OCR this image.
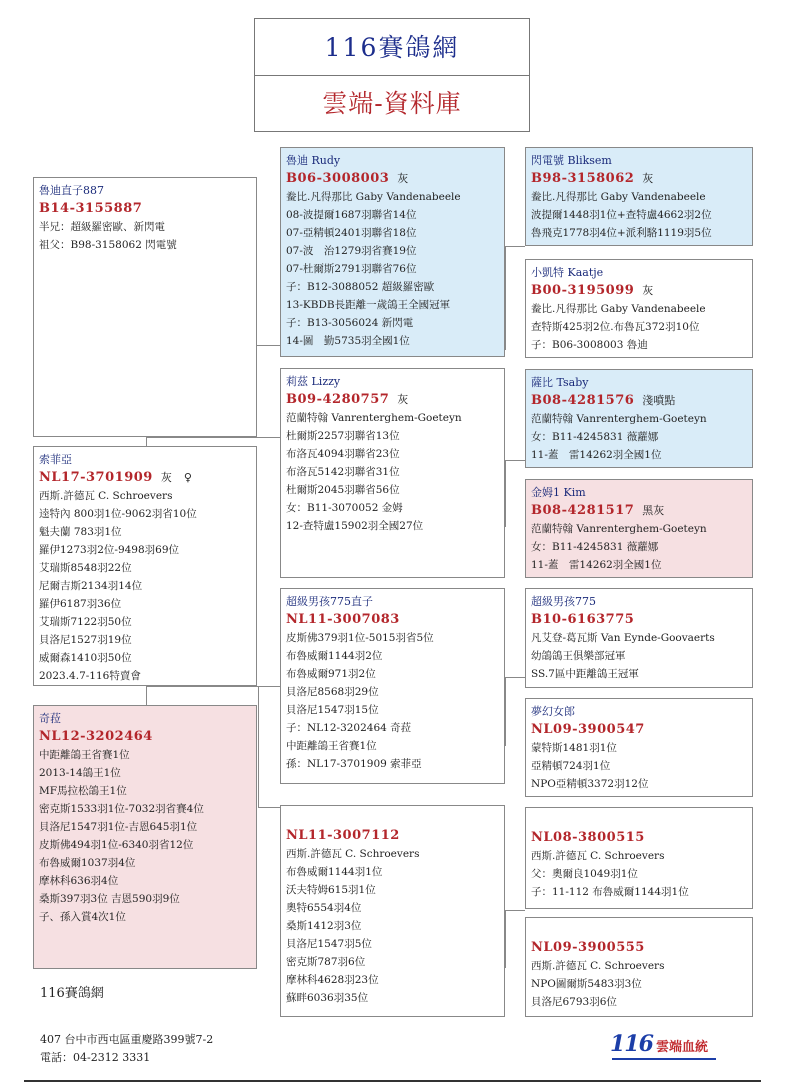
116賽鴿網
雲端-資料庫
魯迪直子887
B14-3155887
半兄：超級羅密歐、新閃電
祖父：B98-3158062 閃電號
索菲亞
NL17-3701909 灰 ♀
西斯.許德瓦 C. Schroevers
逵特內 800羽1位-9062羽省10位
魁夫蘭 783羽1位
羅伊1273羽2位-9498羽69位
艾瑞斯8548羽22位
尼爾吉斯2134羽14位
羅伊6187羽36位
艾瑞斯7122羽50位
貝洛尼1527羽19位
威爾森1410羽50位
2023.4.7-116特賣會
奇菈
NL12-3202464
中距離鴿王省賽1位
2013-14鴿王1位
MF馬拉松鴿王1位
密克斯1533羽1位-7032羽省賽4位
貝洛尼1547羽1位-吉恩645羽1位
皮斯佛494羽1位-6340羽省12位
布魯威爾1037羽4位
摩林科636羽4位
桑斯397羽3位 吉恩590羽9位
子、孫入賞4次1位
魯迪 Rudy
B06-3008003 灰
鲞比.凡得那比 Gaby Vandenabeele
08-波提爾1687羽聯省14位
07-亞精頓2401羽聯省18位
07-波　治1279羽省賽19位
07-杜爾斯2791羽聯省76位
子：B12-3088052 超級羅密歐
13-KBDB長距離一歲鴿王全國冠軍
子：B13-3056024 新閃電
14-圖　勤5735羽全國1位
莉茲 Lizzy
B09-4280757 灰
范蘭特翰 Vanrenterghem-Goeteyn
杜爾斯2257羽聯省13位
布洛瓦4094羽聯省23位
布洛瓦5142羽聯省31位
杜爾斯2045羽聯省56位
女：B11-3070052 金姆
12-查特盧15902羽全國27位
超級男孩775直子
NL11-3007083
皮斯佛379羽1位-5015羽省5位
布魯威爾1144羽2位
布魯威爾971羽2位
貝洛尼8568羽29位
貝洛尼1547羽15位
子：NL12-3202464 奇菈
中距離鴿王省賽1位
孫：NL17-3701909 索菲亞
NL11-3007112
西斯.許德瓦 C. Schroevers
布魯威爾1144羽1位
沃夫特姆615羽1位
奧特6554羽4位
桑斯1412羽3位
貝洛尼1547羽5位
密克斯787羽6位
摩林科4628羽23位
蘇畔6036羽35位
閃電號 Bliksem
B98-3158062 灰
鲞比.凡得那比 Gaby Vandenabeele
波提爾1448羽1位+查特盧4662羽2位
魯飛克1778羽4位+派利駱1119羽5位
小凱特 Kaatje
B00-3195099 灰
鲞比.凡得那比 Gaby Vandenabeele
查特斯425羽2位.布魯瓦372羽10位
子：B06-3008003 魯迪
薩比 Tsaby
B08-4281576 淺噴點
范蘭特翰 Vanrenterghem-Goeteyn
女：B11-4245831 薇蘿娜
11-蓋　雷14262羽全國1位
金姆1 Kim
B08-4281517 黑灰
范蘭特翰 Vanrenterghem-Goeteyn
女：B11-4245831 薇蘿娜
11-蓋　雷14262羽全國1位
超級男孩775
B10-6163775
凡艾登-葛瓦斯 Van Eynde-Goovaerts
幼鴿鴿王俱樂部冠軍
SS.7區中距離鴿王冠軍
夢幻女郎
NL09-3900547
蒙特斯1481羽1位
亞精頓724羽1位
NPO亞精頓3372羽12位
NL08-3800515
西斯.許德瓦 C. Schroevers
父：奧爾良1049羽1位
子：11-112 布魯威爾1144羽1位
NL09-3900555
西斯.許德瓦 C. Schroevers
NPO圖爾斯5483羽3位
貝洛尼6793羽6位
116賽鴿網
407 台中市西屯區重慶路399號7-2
電話：04-2312 3331
116 雲端血統
